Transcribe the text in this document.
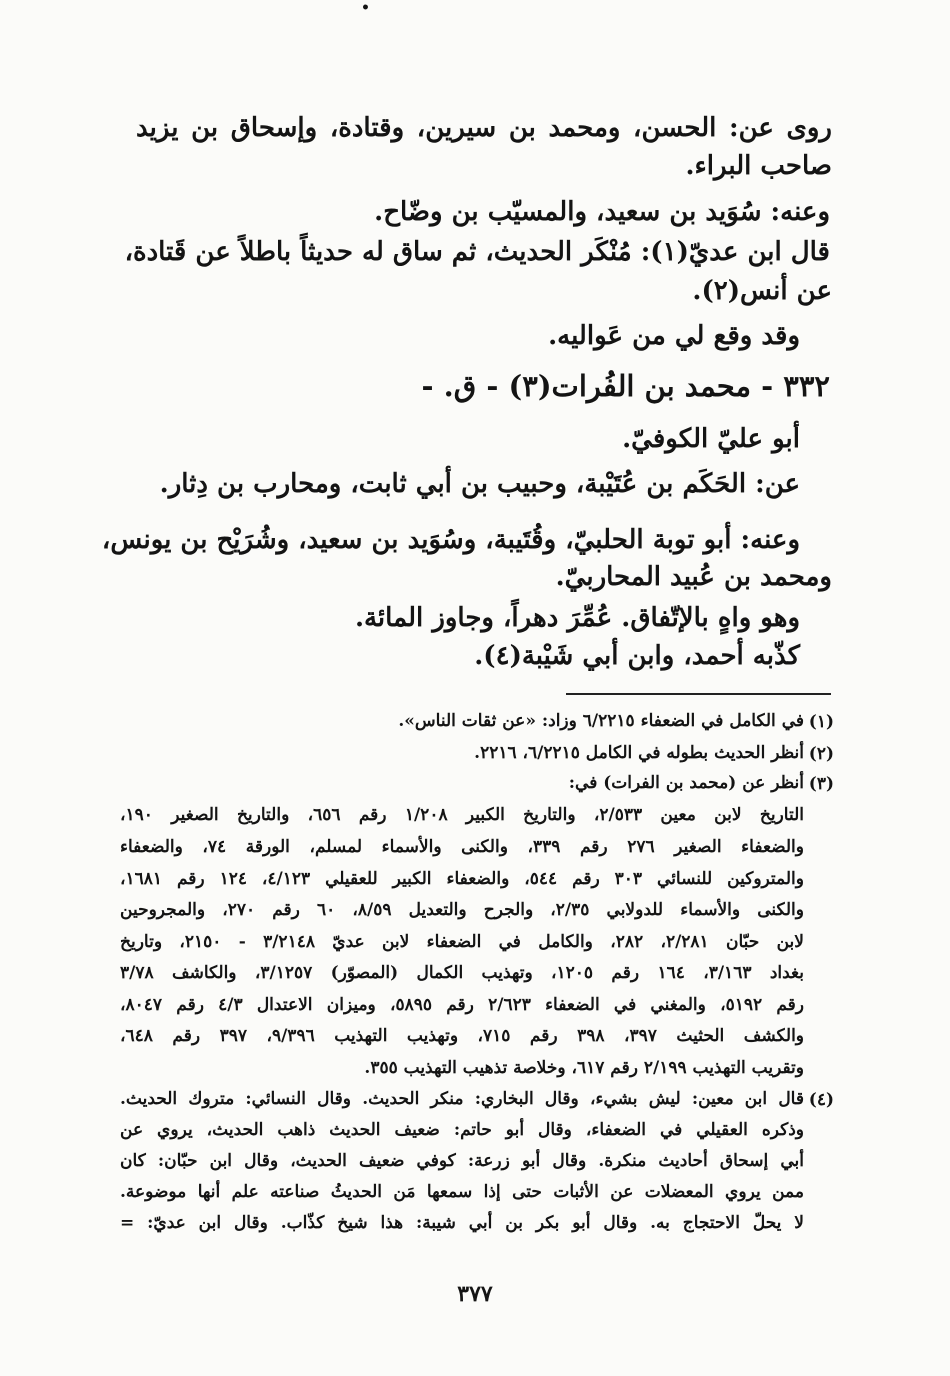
•
روى عن: الحسن، ومحمد بن سيرين، وقتادة، وإسحاق بن يزيد
صاحب البراء.
وعنه: سُوَيد بن سعيد، والمسيّب بن وضّاح.
قال ابن عديّ(١): مُنْكَر الحديث، ثم ساق له حديثاً باطلاً عن قَتادة،
عن أنس(٢).
وقد وقع لي من عَواليه.
٣٣٢ - محمد بن الفُرات(٣) - ق. -
أبو عليّ الكوفيّ.
عن: الحَكَم بن عُتَيْبة، وحبيب بن أبي ثابت، ومحارب بن دِثار.
وعنه: أبو توبة الحلبيّ، وقُتَيبة، وسُوَيد بن سعيد، وشُرَيْح بن يونس،
ومحمد بن عُبيد المحاربيّ.
وهو واهٍ بالإتّفاق. عُمِّرَ دهراً، وجاوز المائة.
كذّبه أحمد، وابن أبي شَيْبة(٤).
(١)
في الكامل في الضعفاء ٦/٢٢١٥ وزاد: «عن ثقات الناس».
(٢)
أنظر الحديث بطوله في الكامل ٦/٢٢١٥، ٢٢١٦.
(٣)
أنظر عن (محمد بن الفرات) في:
التاريخ لابن معين ٢/٥٣٣، والتاريخ الكبير ١/٢٠٨ رقم ٦٥٦، والتاريخ الصغير ١٩٠،
والضعفاء الصغير ٢٧٦ رقم ٣٣٩، والكنى والأسماء لمسلم، الورقة ٧٤، والضعفاء
والمتروكين للنسائي ٣٠٣ رقم ٥٤٤، والضعفاء الكبير للعقيلي ٤/١٢٣، ١٢٤ رقم ١٦٨١،
والكنى والأسماء للدولابي ٢/٣٥، والجرح والتعديل ٨/٥٩، ٦٠ رقم ٢٧٠، والمجروحين
لابن حبّان ٢/٢٨١، ٢٨٢، والكامل في الضعفاء لابن عديّ ٣/٢١٤٨ - ٢١٥٠، وتاريخ
بغداد ٣/١٦٣، ١٦٤ رقم ١٢٠٥، وتهذيب الكمال (المصوّر) ٣/١٢٥٧، والكاشف ٣/٧٨
رقم ٥١٩٢، والمغني في الضعفاء ٢/٦٢٣ رقم ٥٨٩٥، وميزان الاعتدال ٤/٣ رقم ٨٠٤٧،
والكشف الحثيث ٣٩٧، ٣٩٨ رقم ٧١٥، وتهذيب التهذيب ٩/٣٩٦، ٣٩٧ رقم ٦٤٨،
وتقريب التهذيب ٢/١٩٩ رقم ٦١٧، وخلاصة تذهيب التهذيب ٣٥٥.
(٤)
قال ابن معين: ليش بشيء، وقال البخاري: منكر الحديث. وقال النسائي: متروك الحديث.
وذكره العقيلي في الضعفاء، وقال أبو حاتم: ضعيف الحديث ذاهب الحديث، يروي عن
أبي إسحاق أحاديث منكرة. وقال أبو زرعة: كوفي ضعيف الحديث، وقال ابن حبّان: كان
ممن يروي المعضلات عن الأثبات حتى إذا سمعها مَن الحديثُ صناعته علم أنها موضوعة.
لا يحلّ الاحتجاج به. وقال أبو بكر بن أبي شيبة: هذا شيخ كذّاب. وقال ابن عديّ: =
٣٧٧
